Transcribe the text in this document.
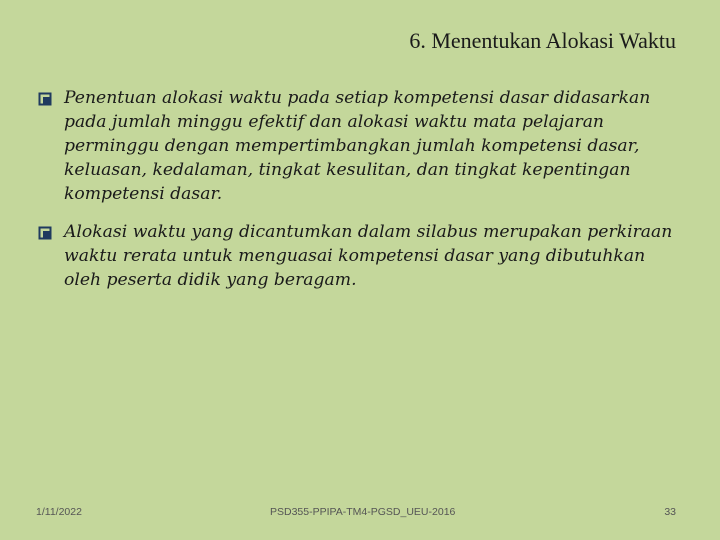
6. Menentukan Alokasi Waktu
Penentuan alokasi waktu pada setiap kompetensi dasar didasarkan pada jumlah minggu efektif dan alokasi waktu mata pelajaran perminggu dengan mempertimbangkan jumlah kompetensi dasar, keluasan, kedalaman, tingkat kesulitan, dan tingkat kepentingan kompetensi dasar.
Alokasi waktu yang dicantumkan dalam silabus merupakan perkiraan waktu rerata untuk menguasai kompetensi dasar yang dibutuhkan oleh peserta didik yang beragam.
1/11/2022	PSD355-PPIPA-TM4-PGSD_UEU-2016	33
